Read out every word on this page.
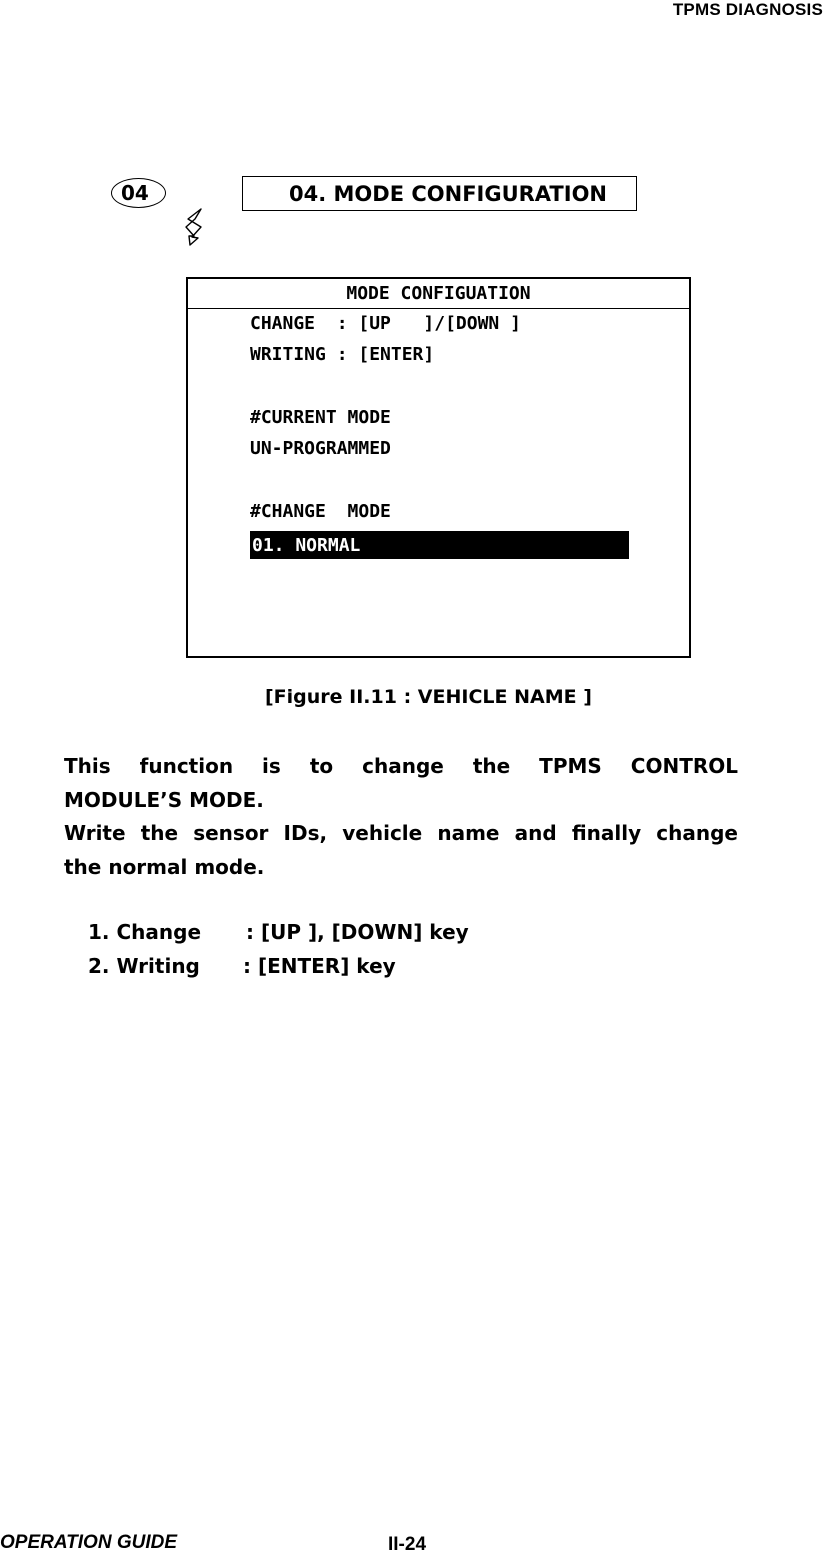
TPMS DIAGNOSIS
04	04. MODE CONFIGURATION
MODE CONFIGUATION
CHANGE  : [UP   ]/[DOWN ]
WRITING : [ENTER]
#CURRENT MODE
UN-PROGRAMMED
#CHANGE  MODE
01. NORMAL
[Figure II.11 : VEHICLE NAME ]
This function is to change the TPMS CONTROL
MODULE’S MODE.
Write the sensor IDs, vehicle name and finally change
the normal mode.
1. Change : [UP ], [DOWN] key
2. Writing : [ENTER] key
OPERATION GUIDE	II-24
